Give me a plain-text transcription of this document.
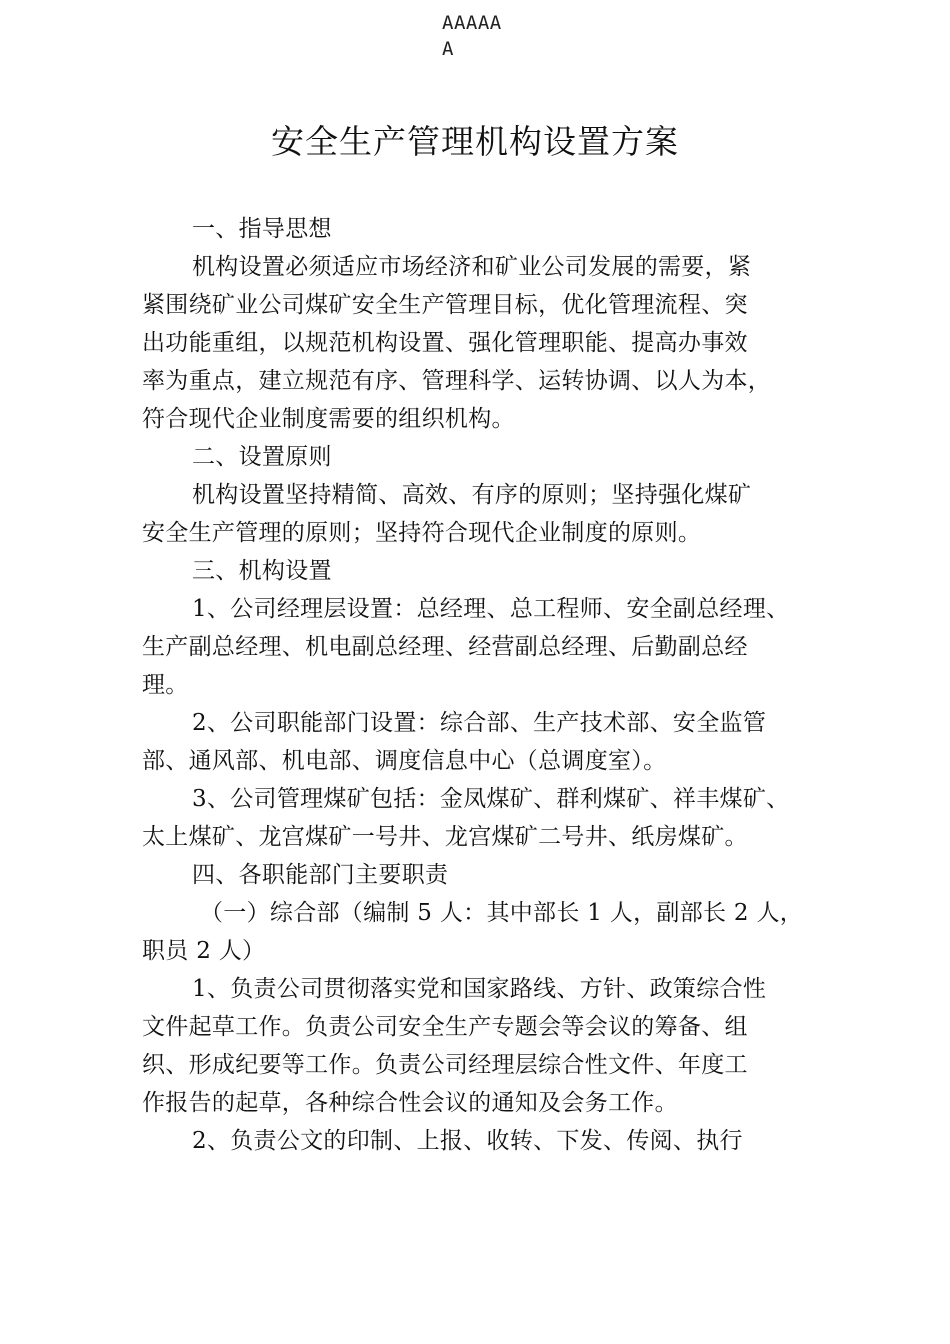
AAAAAA
安全生产管理机构设置方案
一、指导思想
机构设置必须适应市场经济和矿业公司发展的需要，紧
紧围绕矿业公司煤矿安全生产管理目标，优化管理流程、突
出功能重组，以规范机构设置、强化管理职能、提高办事效
率为重点，建立规范有序、管理科学、运转协调、以人为本，
符合现代企业制度需要的组织机构。
二、设置原则
机构设置坚持精简、高效、有序的原则；坚持强化煤矿
安全生产管理的原则；坚持符合现代企业制度的原则。
三、机构设置
1、公司经理层设置：总经理、总工程师、安全副总经理、
生产副总经理、机电副总经理、经营副总经理、后勤副总经
理。
2、公司职能部门设置：综合部、生产技术部、安全监管
部、通风部、机电部、调度信息中心（总调度室）。
3、公司管理煤矿包括：金凤煤矿、群利煤矿、祥丰煤矿、
太上煤矿、龙宫煤矿一号井、龙宫煤矿二号井、纸房煤矿。
四、各职能部门主要职责
（一）综合部（编制 5 人：其中部长 1 人，副部长 2 人，
职员 2 人）
1、负责公司贯彻落实党和国家路线、方针、政策综合性
文件起草工作。负责公司安全生产专题会等会议的筹备、组
织、形成纪要等工作。负责公司经理层综合性文件、年度工
作报告的起草，各种综合性会议的通知及会务工作。
2、负责公文的印制、上报、收转、下发、传阅、执行
